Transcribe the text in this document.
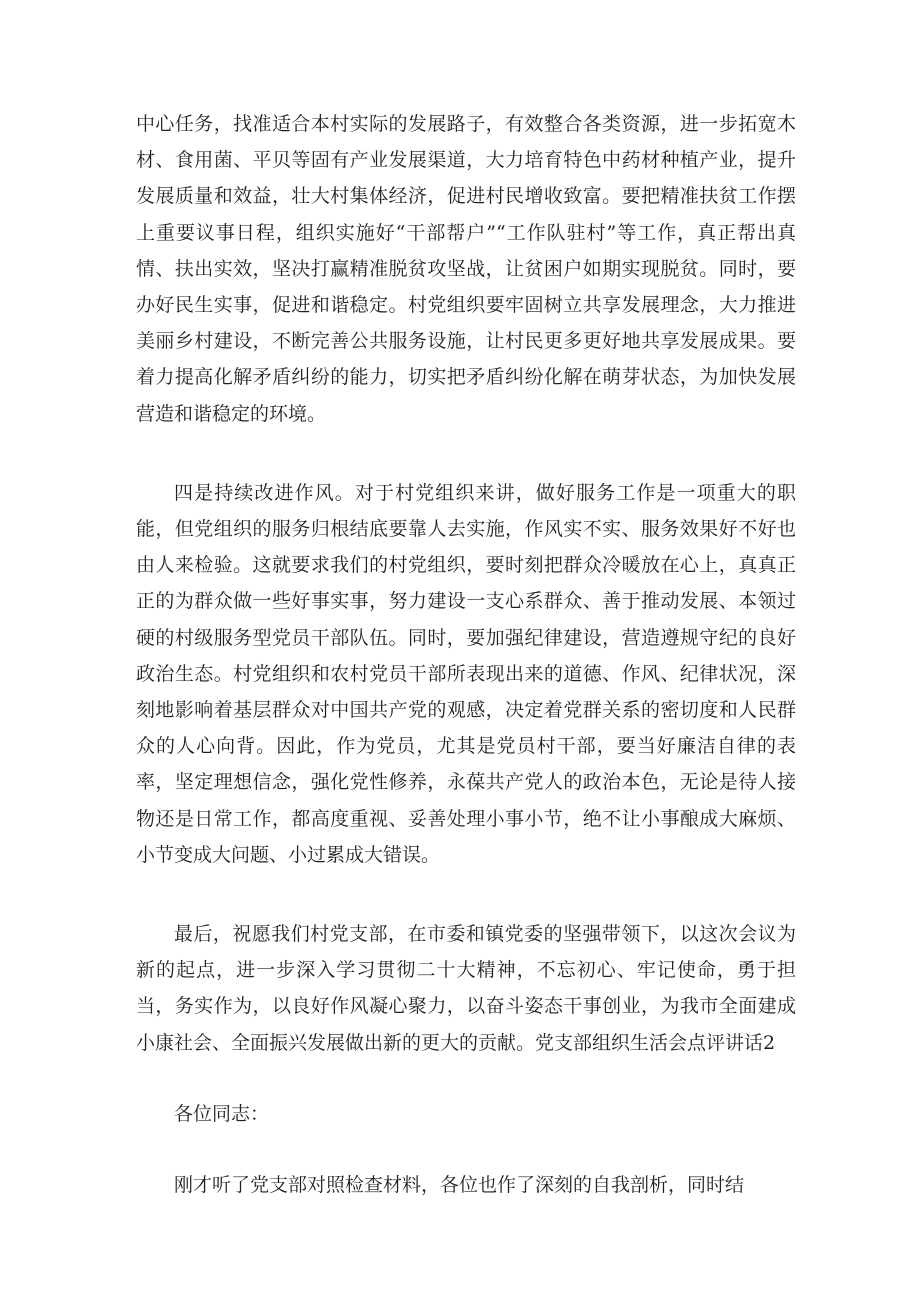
中心任务，找准适合本村实际的发展路子，有效整合各类资源，进一步拓宽木材、食用菌、平贝等固有产业发展渠道，大力培育特色中药材种植产业，提升发展质量和效益，壮大村集体经济，促进村民增收致富。要把精准扶贫工作摆上重要议事日程，组织实施好“干部帮户”“工作队驻村”等工作，真正帮出真情、扶出实效，坚决打赢精准脱贫攻坚战，让贫困户如期实现脱贫。同时，要办好民生实事，促进和谐稳定。村党组织要牢固树立共享发展理念，大力推进美丽乡村建设，不断完善公共服务设施，让村民更多更好地共享发展成果。要着力提高化解矛盾纠纷的能力，切实把矛盾纠纷化解在萌芽状态，为加快发展营造和谐稳定的环境。

四是持续改进作风。对于村党组织来讲，做好服务工作是一项重大的职能，但党组织的服务归根结底要靠人去实施，作风实不实、服务效果好不好也由人来检验。这就要求我们的村党组织，要时刻把群众冷暖放在心上，真真正正的为群众做一些好事实事，努力建设一支心系群众、善于推动发展、本领过硬的村级服务型党员干部队伍。同时，要加强纪律建设，营造遵规守纪的良好政治生态。村党组织和农村党员干部所表现出来的道德、作风、纪律状况，深刻地影响着基层群众对中国共产党的观感，决定着党群关系的密切度和人民群众的人心向背。因此，作为党员，尤其是党员村干部，要当好廉洁自律的表率，坚定理想信念，强化党性修养，永葆共产党人的政治本色，无论是待人接物还是日常工作，都高度重视、妥善处理小事小节，绝不让小事酿成大麻烦、小节变成大问题、小过累成大错误。

最后，祝愿我们村党支部，在市委和镇党委的坚强带领下，以这次会议为新的起点，进一步深入学习贯彻二十大精神，不忘初心、牢记使命，勇于担当，务实作为，以良好作风凝心聚力，以奋斗姿态干事创业，为我市全面建成小康社会、全面振兴发展做出新的更大的贡献。党支部组织生活会点评讲话2

各位同志：

刚才听了党支部对照检查材料，各位也作了深刻的自我剖析，同时结
